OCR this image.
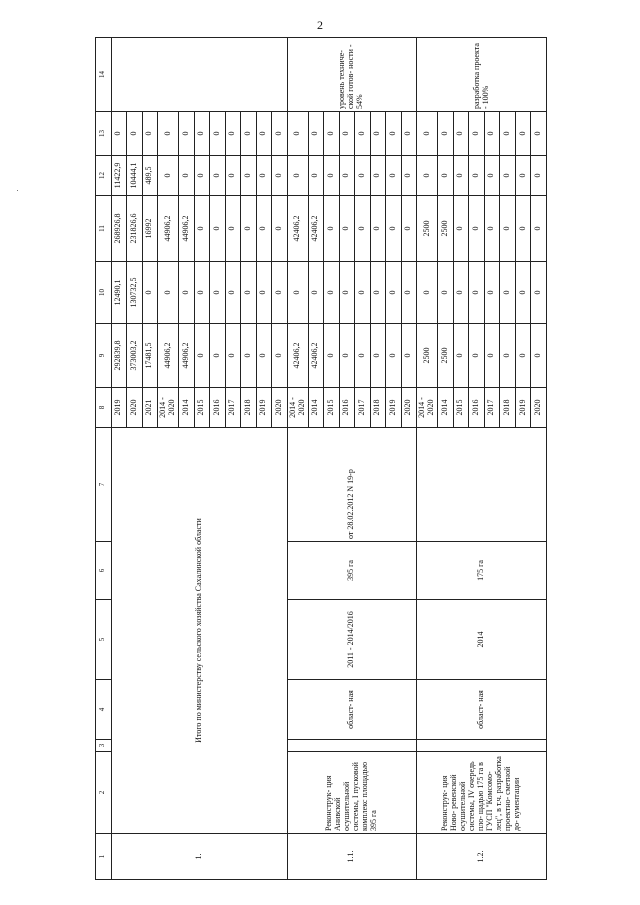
2
1	2	3	4	5	6	7	8	9	10	11	12	13	14
1.	Итого по министерству сельского хозяйства Сахалинской области						2019	292839,8	12490,1	268926,8	11422,9	0	
							2020	373003,2	130732,5	231826,6	10444,1	0	
							2021	17481,5	0	16992	489,5	0	
							2014 - 2020	44906,2	0	44906,2	0	0	
							2014	44906,2	0	44906,2	0	0	
							2015	0	0	0	0	0	
							2016	0	0	0	0	0	
							2017	0	0	0	0	0	
							2018	0	0	0	0	0	
							2019	0	0	0	0	0	
							2020	0	0	0	0	0	
1.1.	Реконструк- ция Анивской осушительной системы, I пусковой комплекс площадью 395 га		област- ная	2011 - 2014/2016	395 га	от 28.02.2012 N 19-р	2014 - 2020	42406,2	0	42406,2	0	0	уровень техниче- ской готов- ности - 54%
							2014	42406,2	0	42406,2	0	0	
							2015	0	0	0	0	0	
							2016	0	0	0	0	0	
							2017	0	0	0	0	0	
							2018	0	0	0	0	0	
							2019	0	0	0	0	0	
							2020	0	0	0	0	0	
1.2.	Реконструк- ция Ново- ревенской осушительной системы, IV очередь пло- щадью 175 га в ГУСП "Комсомо- лец", в т.ч. разработка проектно- сметной до- кументации		област- ная	2014	175 га		2014 - 2020	2500	0	2500	0	0	разработка проекта - 100%
							2014	2500	0	2500	0	0	
							2015	0	0	0	0	0	
							2016	0	0	0	0	0	
							2017	0	0	0	0	0	
							2018	0	0	0	0	0	
							2019	0	0	0	0	0	
							2020	0	0	0	0	0	
